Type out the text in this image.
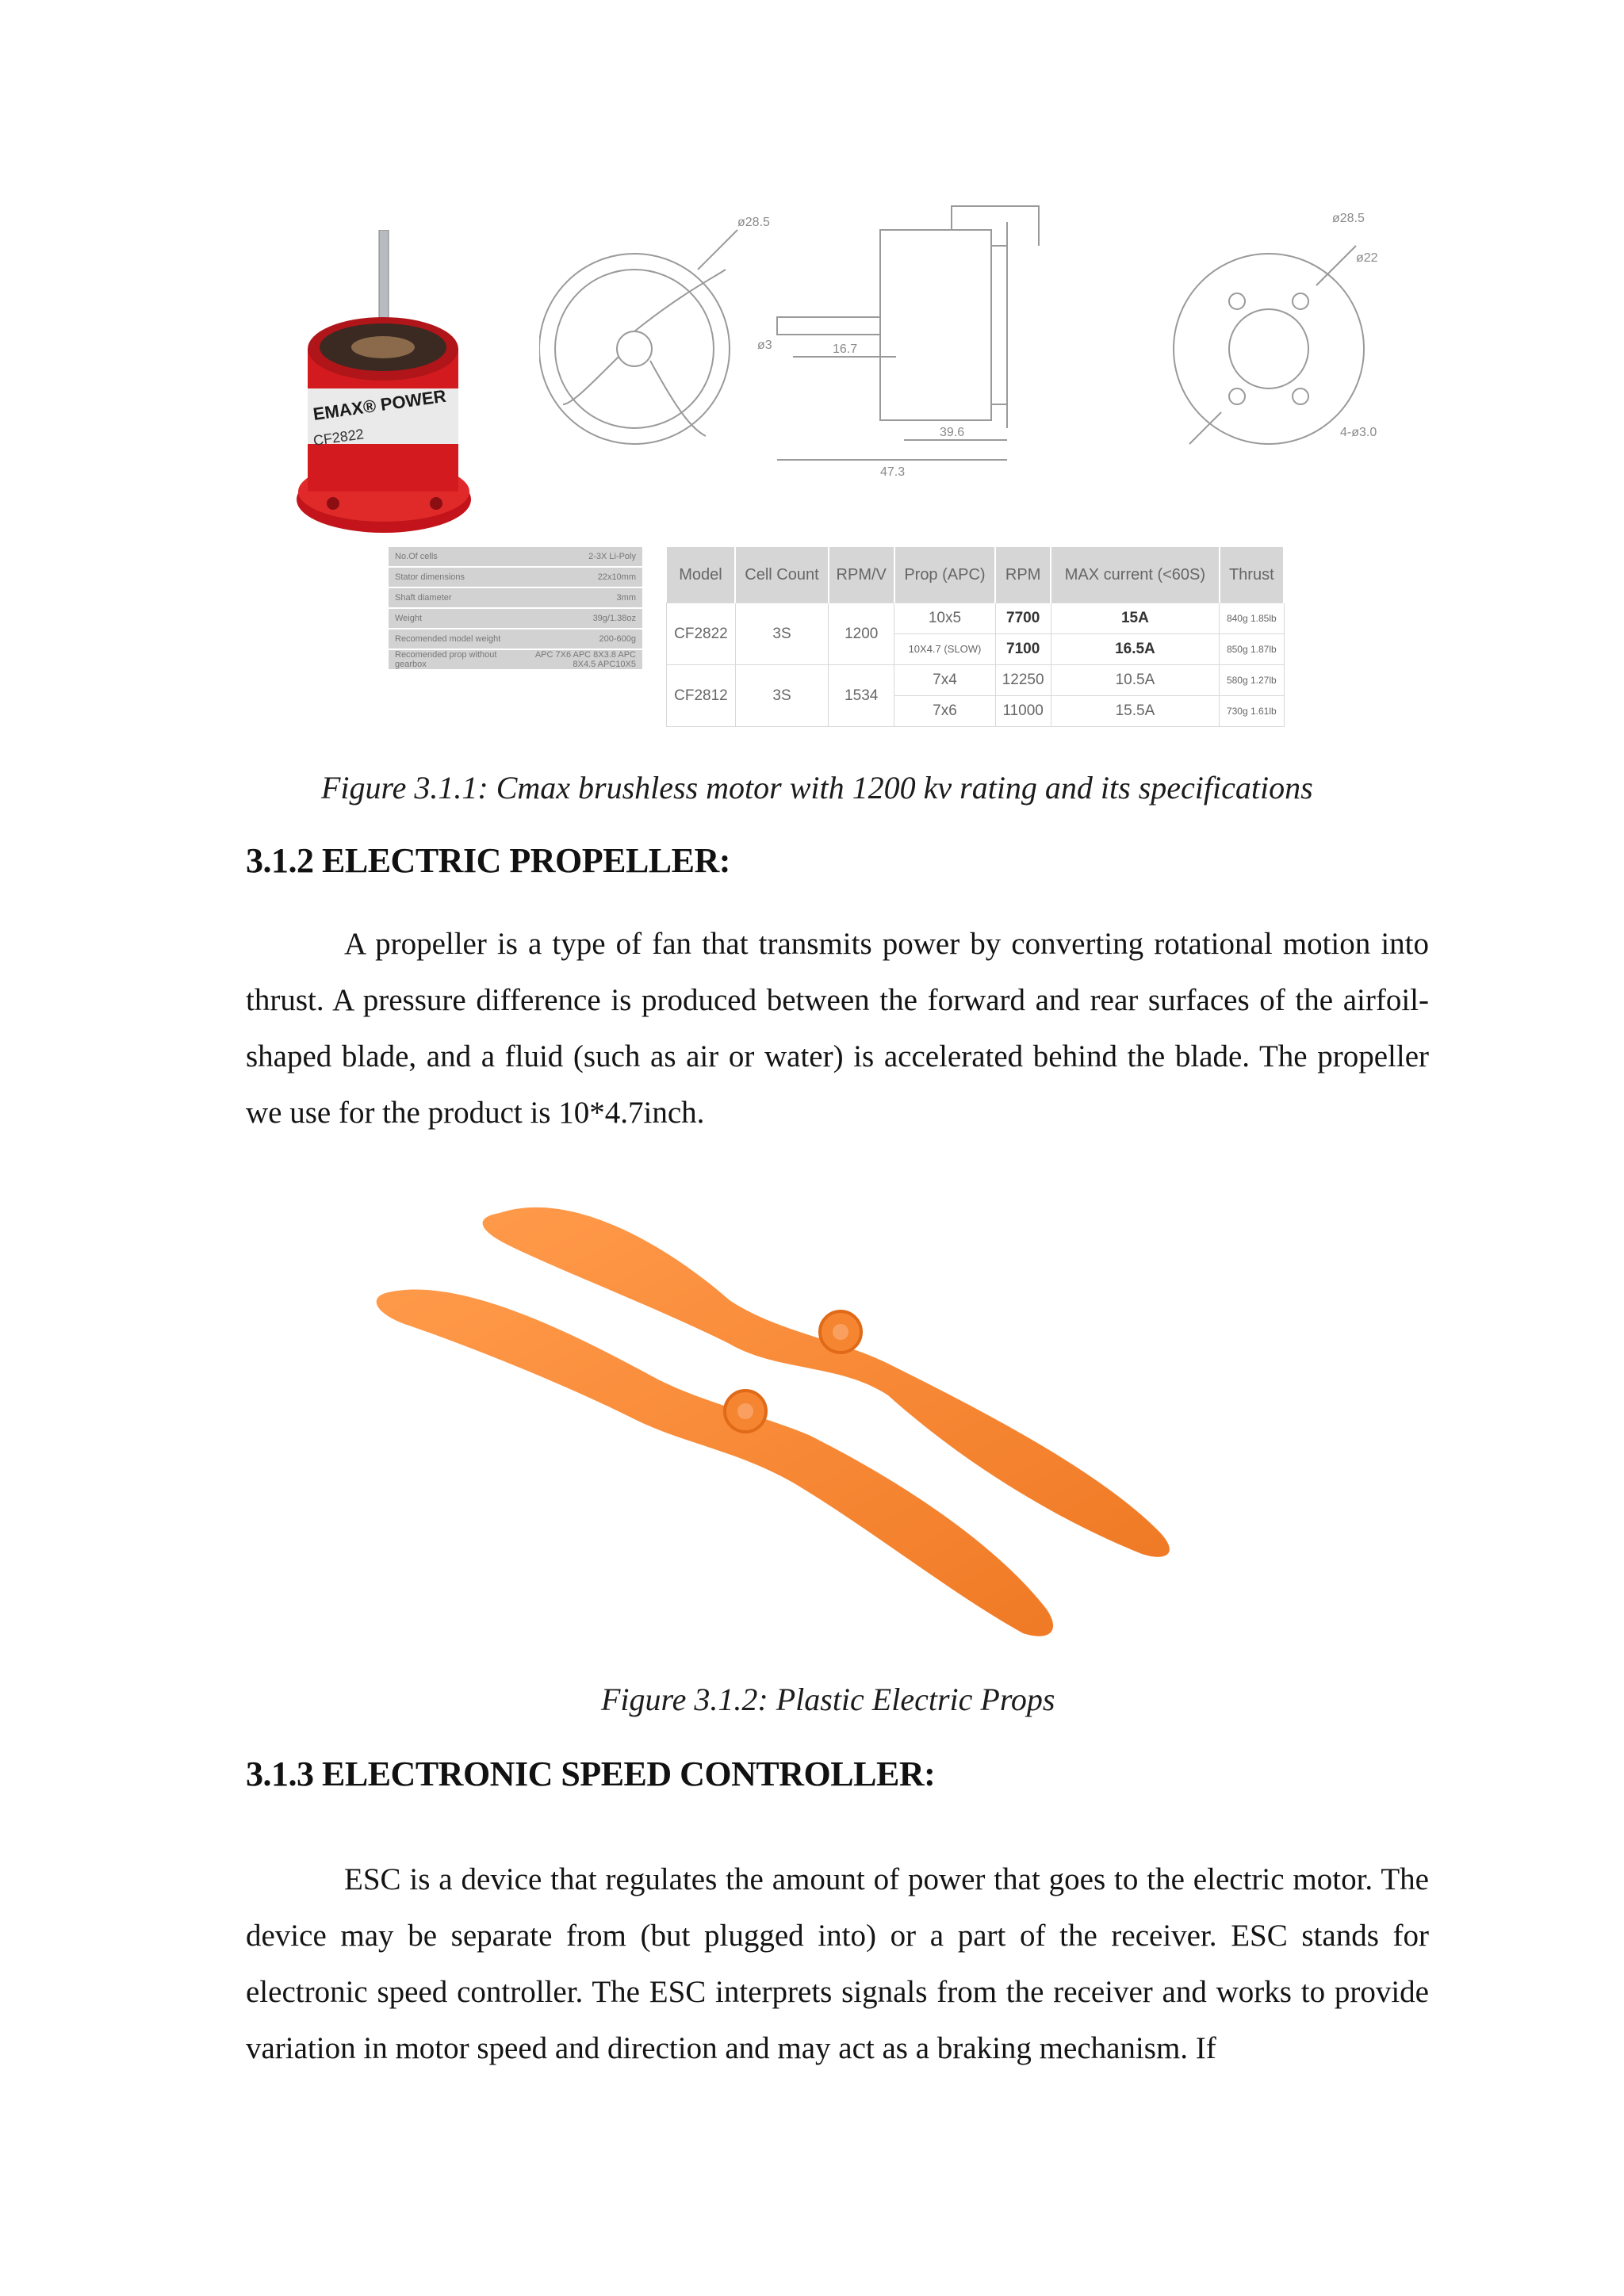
EMAX® POWER
CF2822
ø28.5
ø3	16.7
39.6
47.3
ø28.5
ø22
4-ø3.0
No.Of cells	2-3X Li-Poly
Stator dimensions	22x10mm
Shaft diameter	3mm
Weight	39g/1.38oz
Recomended model weight	200-600g
Recomended prop without gearbox	APC 7X6 APC 8X3.8 APC 8X4.5 APC10X5
Model	Cell Count	RPM/V	Prop (APC)	RPM	MAX current (<60S)	Thrust
CF2822	3S	1200	10x5	7700	15A	840g 1.85lb
			10X4.7 (SLOW)	7100	16.5A	850g 1.87lb
CF2812	3S	1534	7x4	12250	10.5A	580g 1.27lb
			7x6	11000	15.5A	730g 1.61lb
Figure 3.1.1: Cmax brushless motor with 1200 kv rating and its specifications
3.1.2 ELECTRIC PROPELLER:
A propeller is a type of fan that transmits power by converting rotational motion into thrust. A pressure difference is produced between the forward and rear surfaces of the airfoil-shaped blade, and a fluid (such as air or water) is accelerated behind the blade. The propeller we use for the product is 10*4.7inch.
Figure 3.1.2: Plastic Electric Props
3.1.3 ELECTRONIC SPEED CONTROLLER:
ESC is a device that regulates the amount of power that goes to the electric motor. The device may be separate from (but plugged into) or a part of the receiver. ESC stands for electronic speed controller. The ESC interprets signals from the receiver and works to provide variation in motor speed and direction and may act as a braking mechanism. If
